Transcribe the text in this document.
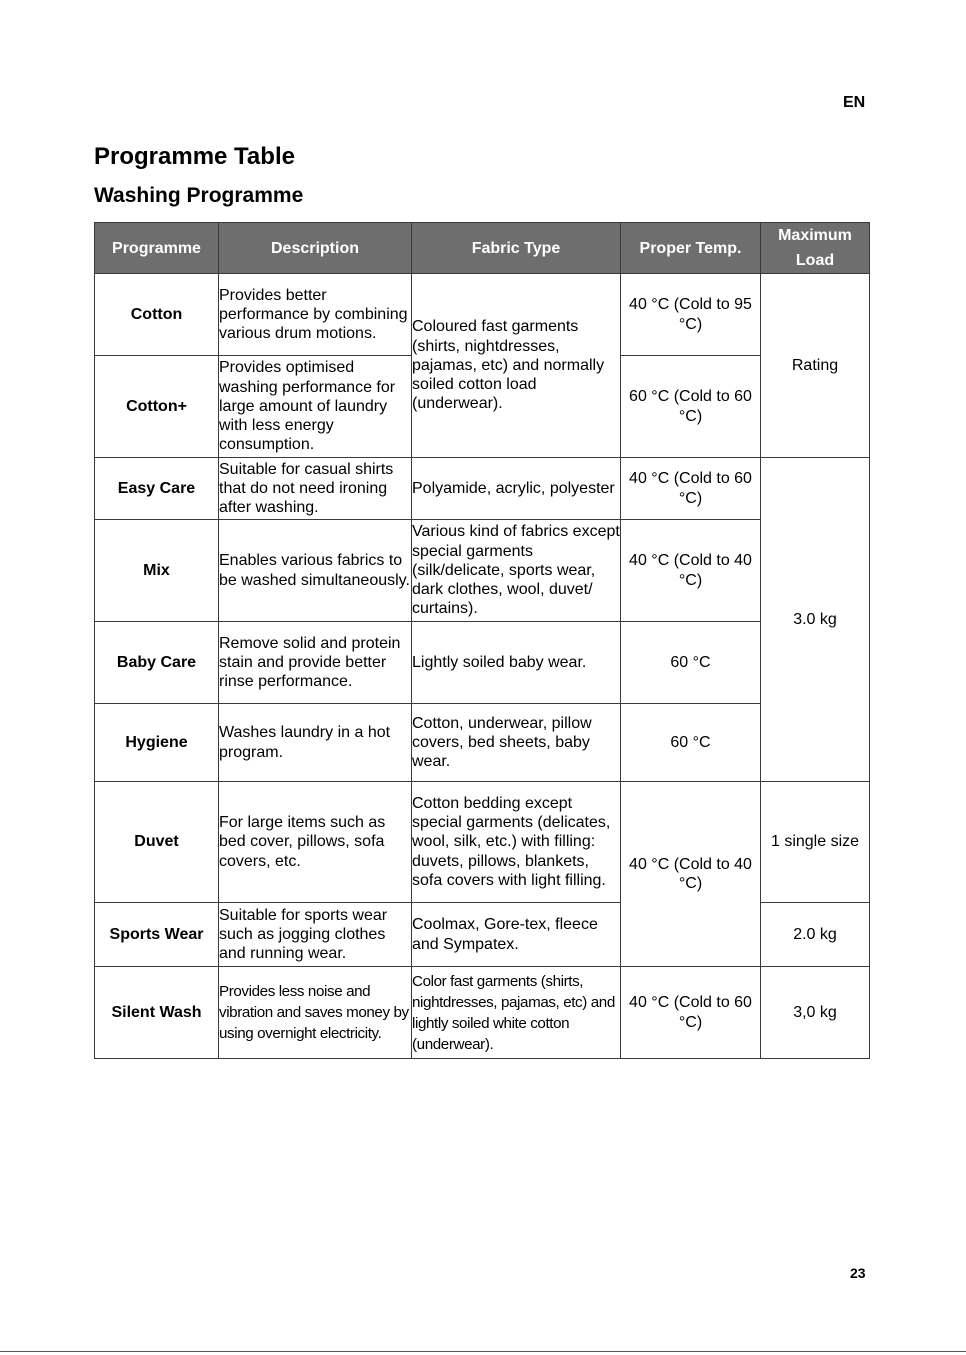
EN
Programme Table
Washing Programme
Programme	Description	Fabric Type	Proper Temp.	Maximum Load
Cotton	Provides better performance by combining various drum motions.	Coloured fast garments (shirts, nightdresses, pajamas, etc) and normally soiled cotton load (underwear).	40 °C (Cold to 95 °C)	Rating
Cotton+	Provides optimised washing performance for large amount of laundry with less energy consumption.		60 °C (Cold to 60 °C)	
Easy Care	Suitable for casual shirts that do not need ironing after washing.	Polyamide, acrylic, polyester	40 °C (Cold to 60 °C)	3.0 kg
Mix	Enables various fabrics to be washed simultaneously.	Various kind of fabrics except special garments (silk/delicate, sports wear, dark clothes, wool, duvet/ curtains).	40 °C (Cold to 40 °C)	
Baby Care	Remove solid and protein stain and provide better rinse performance.	Lightly soiled baby wear.	60 °C	
Hygiene	Washes laundry in a hot program.	Cotton, underwear, pillow covers, bed sheets, baby wear.	60 °C	
Duvet	For large items such as bed cover, pillows, sofa covers, etc.	Cotton bedding except special garments (delicates, wool, silk, etc.) with filling: duvets, pillows, blankets, sofa covers with light filling.	40 °C (Cold to 40 °C)	1 single size
Sports Wear	Suitable for sports wear such as jogging clothes and running wear.	Coolmax, Gore-tex, fleece and Sympatex.		2.0 kg
Silent Wash	Provides less noise and vibration and saves money by using overnight electricity.	Color fast garments (shirts, nightdresses, pajamas, etc) and lightly soiled white cotton (underwear).	40 °C (Cold to 60 °C)	3,0 kg
23
